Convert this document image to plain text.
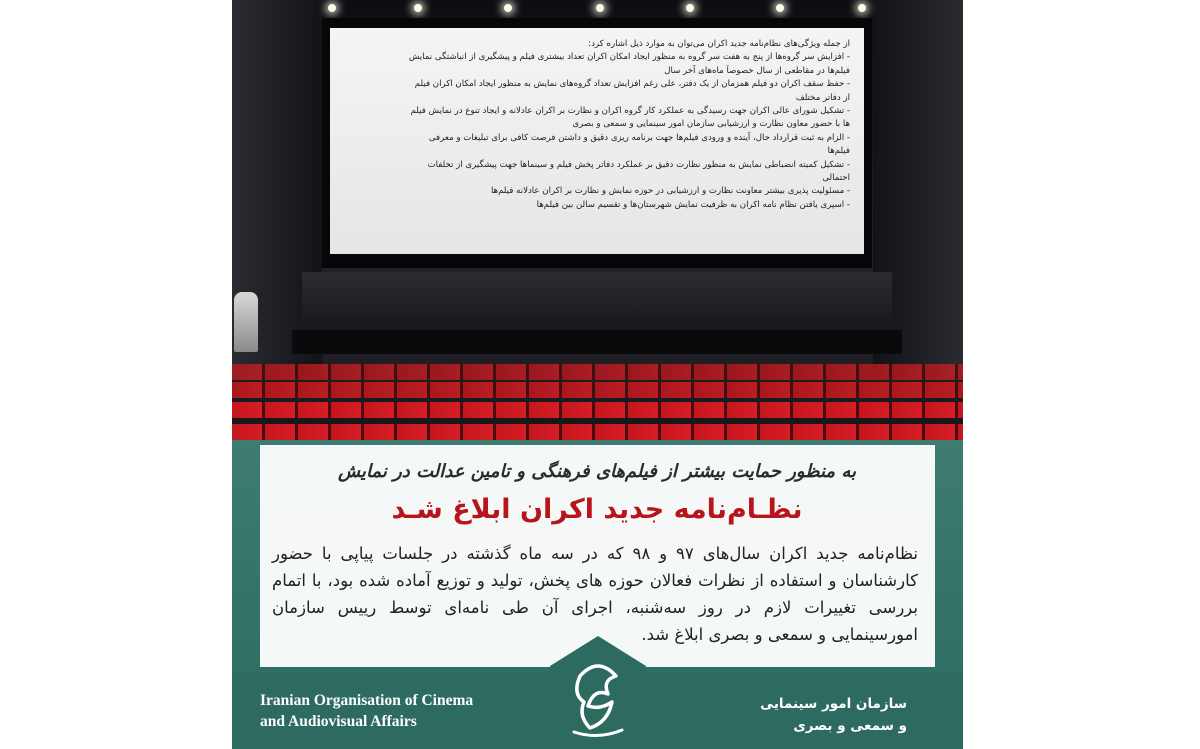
از جمله ویژگی‌های نظام‌نامه جدید اکران می‌توان به موارد ذیل اشاره کرد:
- افزایش سر گروه‌ها از پنج به هفت سر گروه به منظور ایجاد امکان اکران تعداد بیشتری فیلم و پیشگیری از انباشتگی نمایش
فیلم‌ها در مقاطعی از سال خصوصاً ماه‌های آخر سال
- حفظ سقف اکران دو فیلم همزمان از یک دفتر، علی رغم افزایش تعداد گروه‌های نمایش به منظور ایجاد امکان اکران فیلم
از دفاتر مختلف
- تشکیل شورای عالی اکران جهت رسیدگی به عملکرد کار گروه اکران و نظارت بر اکران عادلانه و ایجاد تنوع در نمایش فیلم
ها با حضور معاون نظارت و ارزشیابی سازمان امور سینمایی و سمعی و بصری
- الزام به ثبت قرارداد حال، آینده و ورودی فیلم‌ها جهت برنامه ریزی دقیق و داشتن فرصت کافی برای تبلیغات و معرفی
فیلم‌ها
- تشکیل کمیته انضباطی نمایش به منظور نظارت دقیق بر عملکرد دفاتر پخش فیلم و سینماها جهت پیشگیری از تخلفات
احتمالی
- مسئولیت پذیری بیشتر معاونت نظارت و ارزشیابی در حوزه نمایش و نظارت بر اکران عادلانه فیلم‌ها
- اسپری یافتن نظام نامه اکران به ظرفیت نمایش شهرستان‌ها و تقسیم سالن بین فیلم‌ها
به منظور حمایت بیشتر از فیلم‌های فرهنگی و تامین عدالت در نمایش
نظـام‌نامه جدید اکران ابلاغ شـد
نظام‌نامه جدید اکران سال‌های ۹۷ و ۹۸ که در سه ماه گذشته در جلسات پیاپی با حضور کارشناسان و استفاده از نظرات فعالان حوزه های پخش، تولید و توزیع آماده شده بود، با اتمام بررسی تغییرات لازم در روز سه‌شنبه، اجرای آن طی نامه‌ای توسط رییس سازمان امورسینمایی و سمعی و بصری ابلاغ شد.
Iranian Organisation of Cinema
and Audiovisual Affairs
سازمان امور سینمایی
و سمعی و بصری
